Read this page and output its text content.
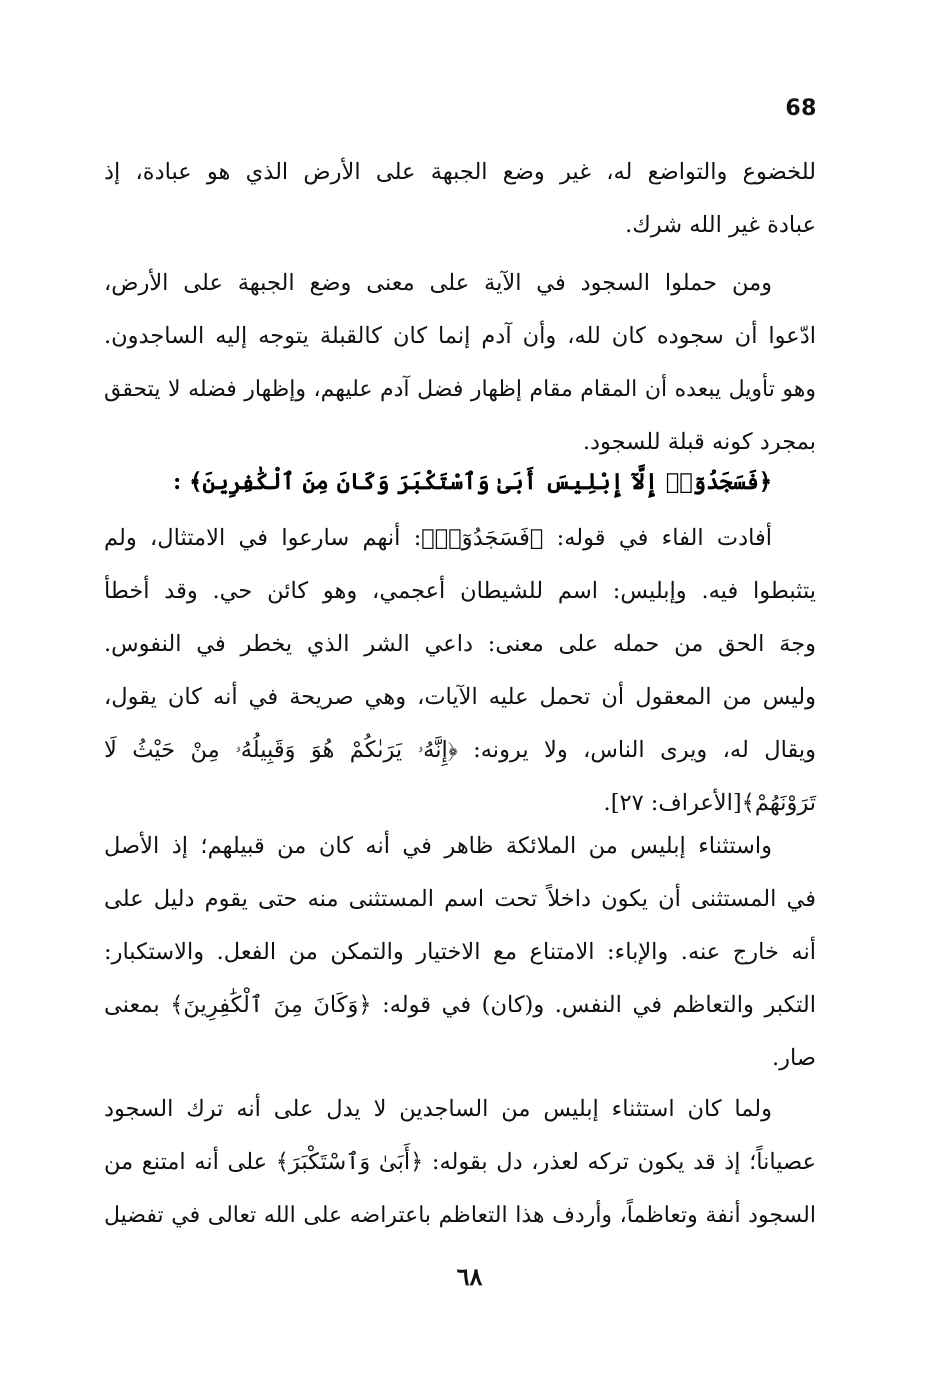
68
للخضوع والتواضع له، غير وضع الجبهة على الأرض الذي هو عبادة، إذ
عبادة غير الله شرك.
ومن حملوا السجود في الآية على معنى وضع الجبهة على الأرض،
ادّعوا أن سجوده كان لله، وأن آدم إنما كان كالقبلة يتوجه إليه الساجدون.
وهو تأويل يبعده أن المقام مقام إظهار فضل آدم عليهم، وإظهار فضله لا يتحقق
بمجرد كونه قبلة للسجود.
﴿فَسَجَدُوٓا۟ إِلَّآ إِبْلِيسَ أَبَىٰ وَٱسْتَكْبَرَ وَكَانَ مِنَ ٱلْكَٰفِرِينَ﴾ :
أفادت الفاء في قوله: ﴿فَسَجَدُوٓا۟﴾: أنهم سارعوا في الامتثال، ولم
يتثبطوا فيه. وإبليس: اسم للشيطان أعجمي، وهو كائن حي. وقد أخطأ
وجهَ الحق من حمله على معنى: داعي الشر الذي يخطر في النفوس.
وليس من المعقول أن تحمل عليه الآيات، وهي صريحة في أنه كان يقول،
ويقال له، ويرى الناس، ولا يرونه: ﴿إِنَّهُۥ يَرَىٰكُمْ هُوَ وَقَبِيلُهُۥ مِنْ حَيْثُ لَا
تَرَوْنَهُمْ﴾[الأعراف: ٢٧].
واستثناء إبليس من الملائكة ظاهر في أنه كان من قبيلهم؛ إذ الأصل
في المستثنى أن يكون داخلاً تحت اسم المستثنى منه حتى يقوم دليل على
أنه خارج عنه. والإباء: الامتناع مع الاختيار والتمكن من الفعل. والاستكبار:
التكبر والتعاظم في النفس. و(كان) في قوله: ﴿وَكَانَ مِنَ ٱلْكَٰفِرِينَ﴾ بمعنى
صار.
ولما كان استثناء إبليس من الساجدين لا يدل على أنه ترك السجود
عصياناً؛ إذ قد يكون تركه لعذر، دل بقوله: ﴿أَبَىٰ وَٱسْتَكْبَرَ﴾ على أنه امتنع من
السجود أنفة وتعاظماً، وأردف هذا التعاظم باعتراضه على الله تعالى في تفضيل
٦٨
